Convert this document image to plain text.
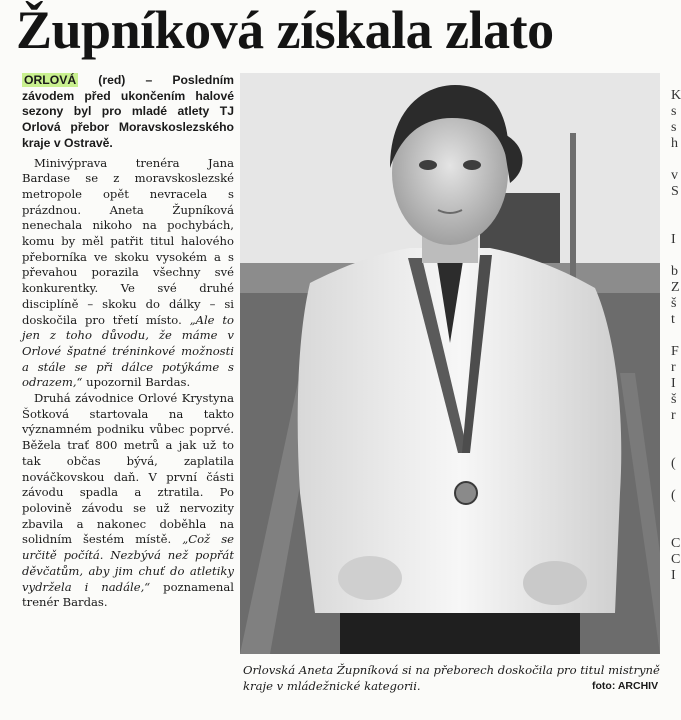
Župníková získala zlato
ORLOVÁ (red) – Posledním závodem před ukončením halové sezony byl pro mladé atlety TJ Orlová přebor Moravskoslezského kraje v Ostravě.

Minivýprava trenéra Jana Bardase se z moravskoslezské metropole opět nevracela s prázdnou. Aneta Župníková nenechala nikoho na pochybách, komu by měl patřit titul halového přeborníka ve skoku vysokém a s převahou porazila všechny své konkurentky. Ve své druhé disciplíně – skoku do dálky – si doskočila pro třetí místo. „Ale to jen z toho důvodu, že máme v Orlové špatné tréninkové možnosti a stále se při dálce potýkáme s odrazem,“ upozornil Bardas.

Druhá závodnice Orlové Krystyna Šotková startovala na takto významném podniku vůbec poprvé. Běžela trať 800 metrů a jak už to tak občas bývá, zaplatila nováčkovskou daň. V první části závodu spadla a ztratila. Po polovině závodu se už nervozity zbavila a nakonec doběhla na solidním šestém místě. „Což se určitě počítá. Nezbývá než popřát děvčatům, aby jim chuť do atletiky vydržela i nadále,“ poznamenal trenér Bardas.

Orlovská Aneta Župníková si na přeborech doskočila pro titul mistryně kraje v mládežnické kategorii.	foto: ARCHIV
K
s
s
h

v
S

I

b
Z
š
t

F
r
I
š
r

(

(

C
C
I
